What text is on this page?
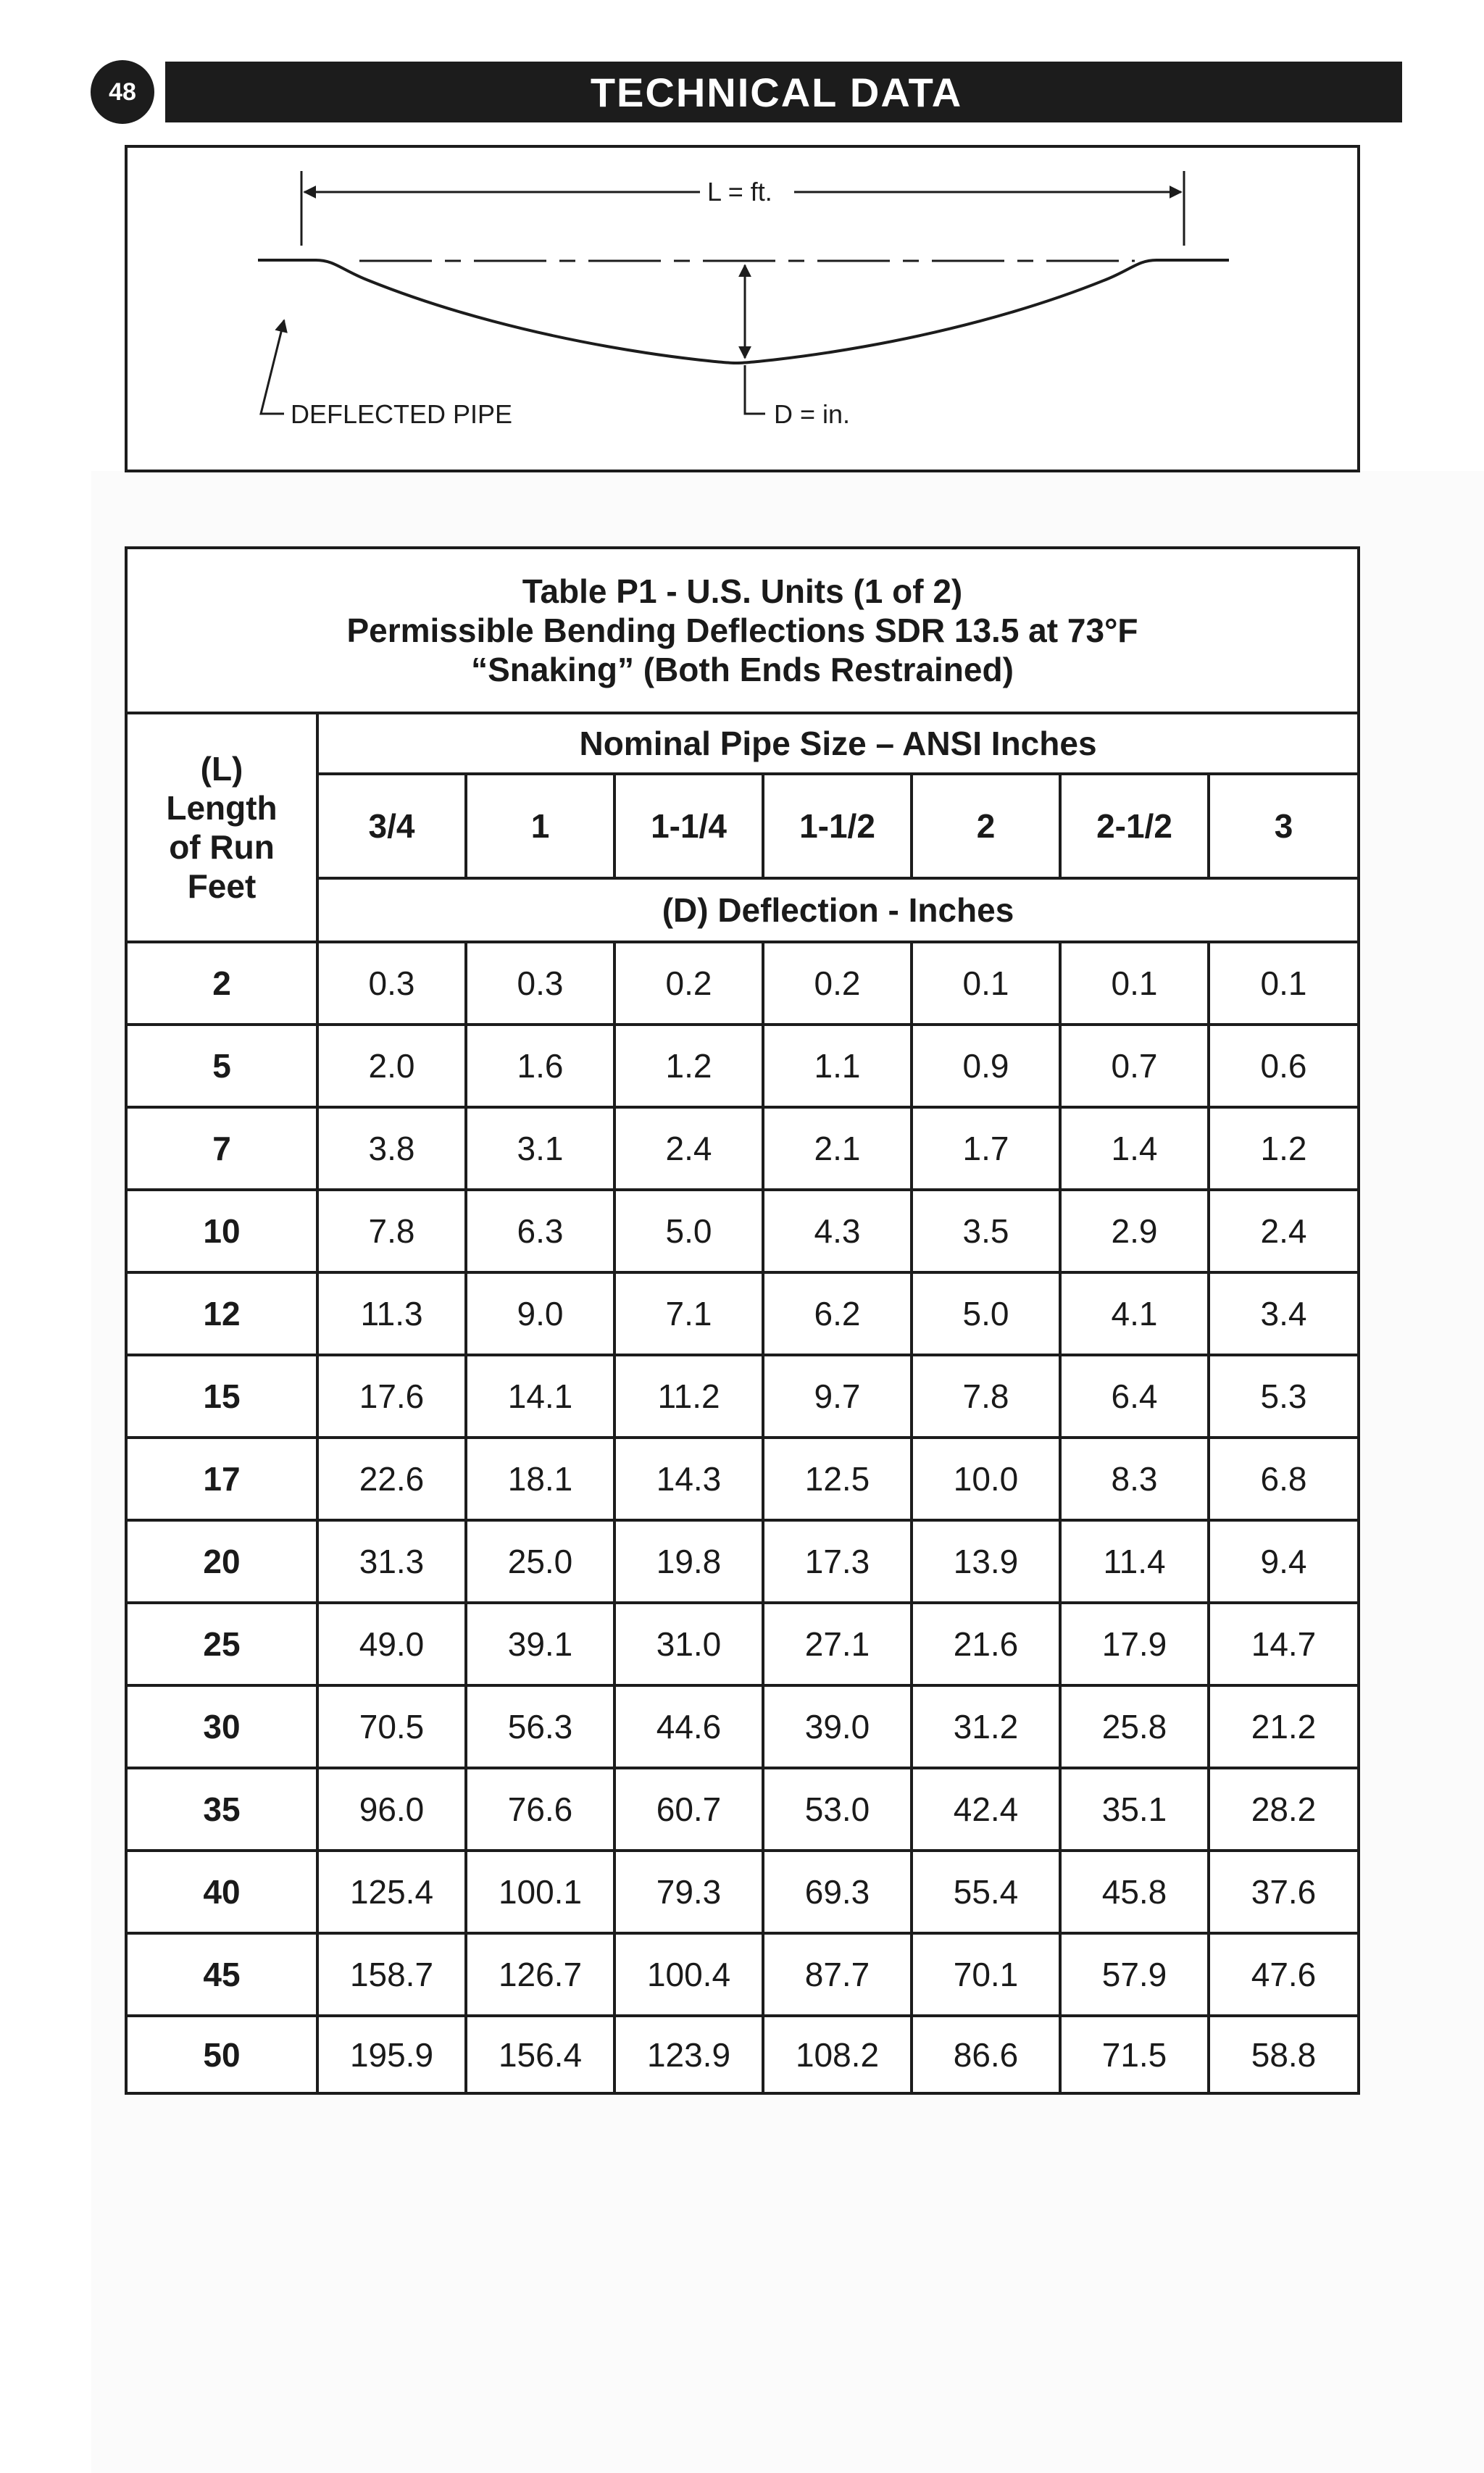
48	TECHNICAL DATA
L = ft.
DEFLECTED PIPE	D = in.
Table P1 - U.S. Units (1 of 2)
Permissible Bending Deflections SDR 13.5 at 73°F
“Snaking” (Both Ends Restrained)
(L)
Length
of Run
Feet
Nominal Pipe Size – ANSI Inches
(D) Deflection - Inches
3/4	1	1-1/4	1-1/2	2	2-1/2	3
2	0.3	0.3	0.2	0.2	0.1	0.1	0.1
5	2.0	1.6	1.2	1.1	0.9	0.7	0.6
7	3.8	3.1	2.4	2.1	1.7	1.4	1.2
10	7.8	6.3	5.0	4.3	3.5	2.9	2.4
12	11.3	9.0	7.1	6.2	5.0	4.1	3.4
15	17.6	14.1	11.2	9.7	7.8	6.4	5.3
17	22.6	18.1	14.3	12.5	10.0	8.3	6.8
20	31.3	25.0	19.8	17.3	13.9	11.4	9.4
25	49.0	39.1	31.0	27.1	21.6	17.9	14.7
30	70.5	56.3	44.6	39.0	31.2	25.8	21.2
35	96.0	76.6	60.7	53.0	42.4	35.1	28.2
40	125.4	100.1	79.3	69.3	55.4	45.8	37.6
45	158.7	126.7	100.4	87.7	70.1	57.9	47.6
50	195.9	156.4	123.9	108.2	86.6	71.5	58.8
